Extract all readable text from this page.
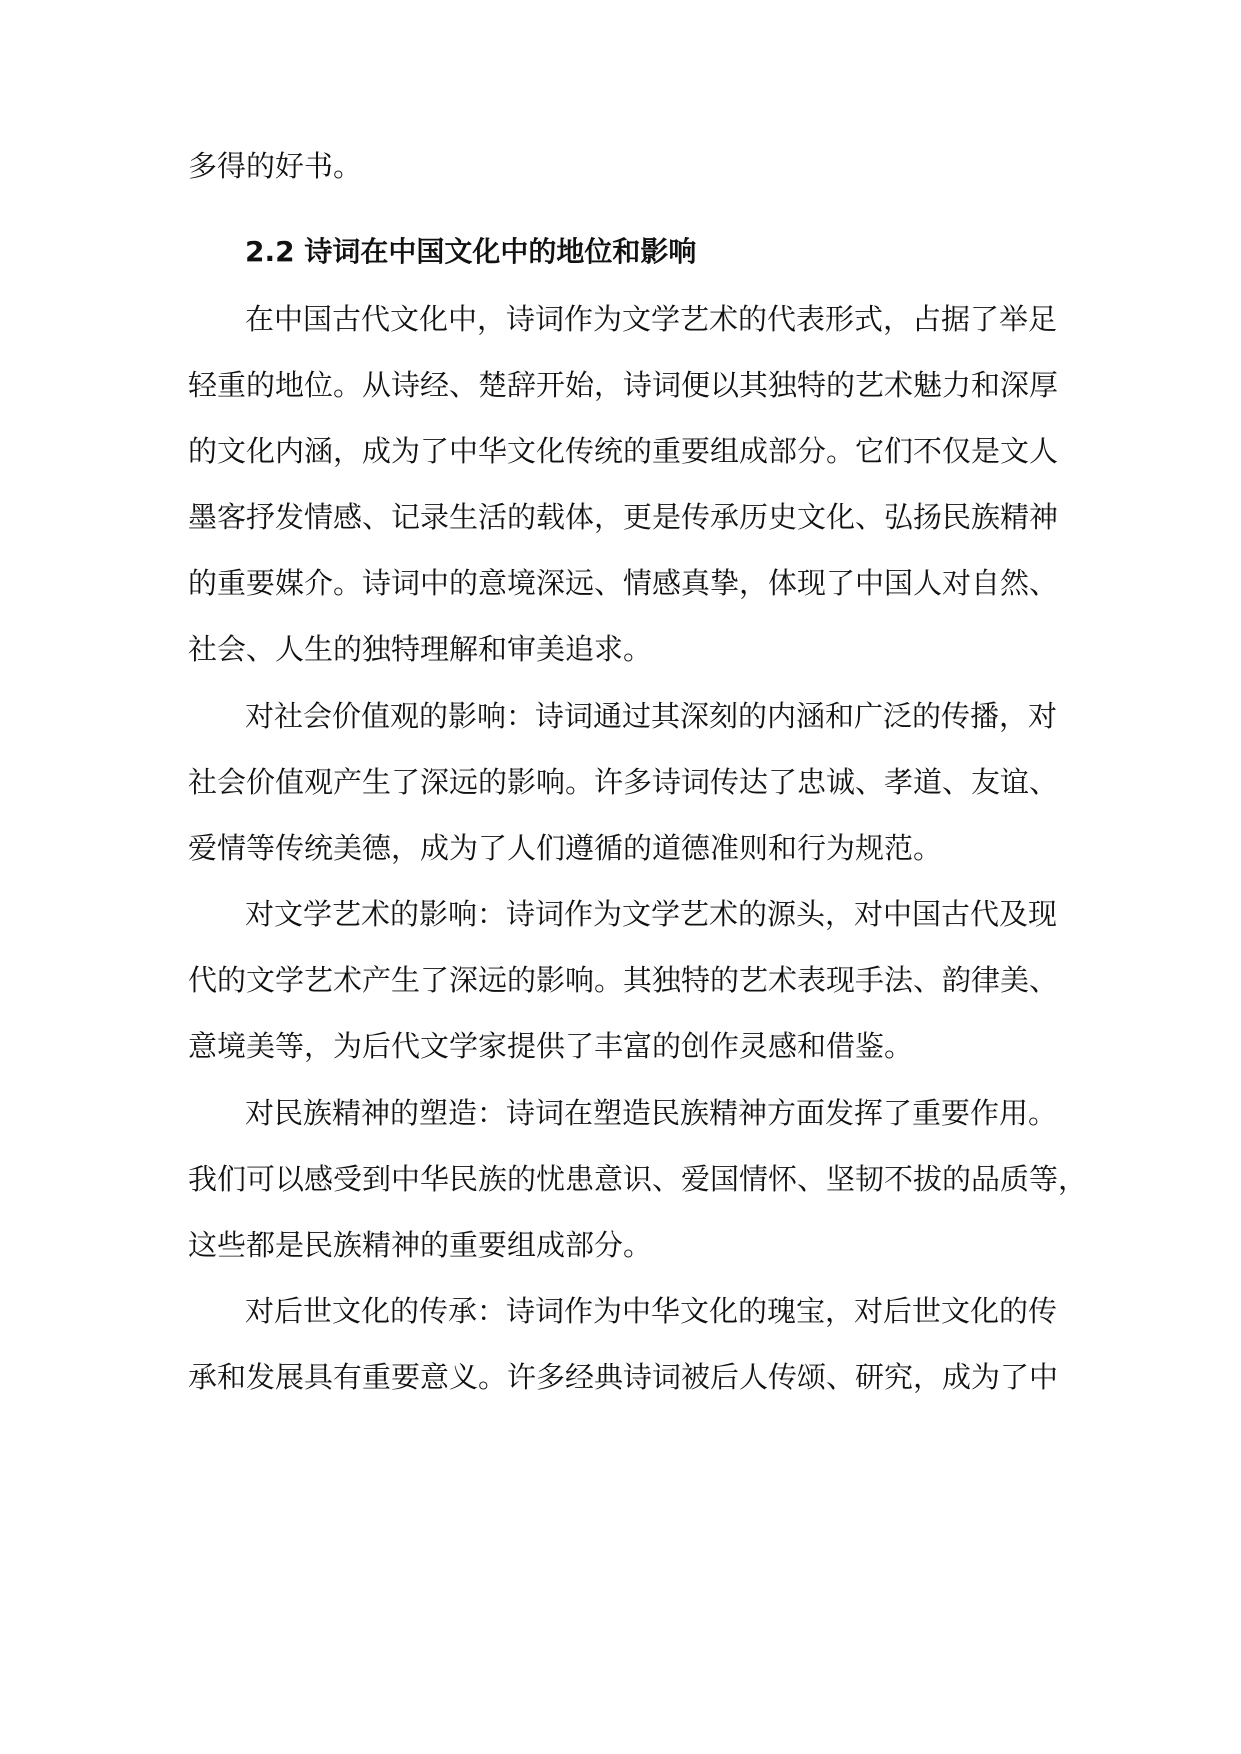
多得的好书。
2.2 诗词在中国文化中的地位和影响
在中国古代文化中，诗词作为文学艺术的代表形式，占据了举足
轻重的地位。从诗经、楚辞开始，诗词便以其独特的艺术魅力和深厚
的文化内涵，成为了中华文化传统的重要组成部分。它们不仅是文人
墨客抒发情感、记录生活的载体，更是传承历史文化、弘扬民族精神
的重要媒介。诗词中的意境深远、情感真挚，体现了中国人对自然、
社会、人生的独特理解和审美追求。
对社会价值观的影响：诗词通过其深刻的内涵和广泛的传播，对
社会价值观产生了深远的影响。许多诗词传达了忠诚、孝道、友谊、
爱情等传统美德，成为了人们遵循的道德准则和行为规范。
对文学艺术的影响：诗词作为文学艺术的源头，对中国古代及现
代的文学艺术产生了深远的影响。其独特的艺术表现手法、韵律美、
意境美等，为后代文学家提供了丰富的创作灵感和借鉴。
对民族精神的塑造：诗词在塑造民族精神方面发挥了重要作用。
我们可以感受到中华民族的忧患意识、爱国情怀、坚韧不拔的品质等，
这些都是民族精神的重要组成部分。
对后世文化的传承：诗词作为中华文化的瑰宝，对后世文化的传
承和发展具有重要意义。许多经典诗词被后人传颂、研究，成为了中
